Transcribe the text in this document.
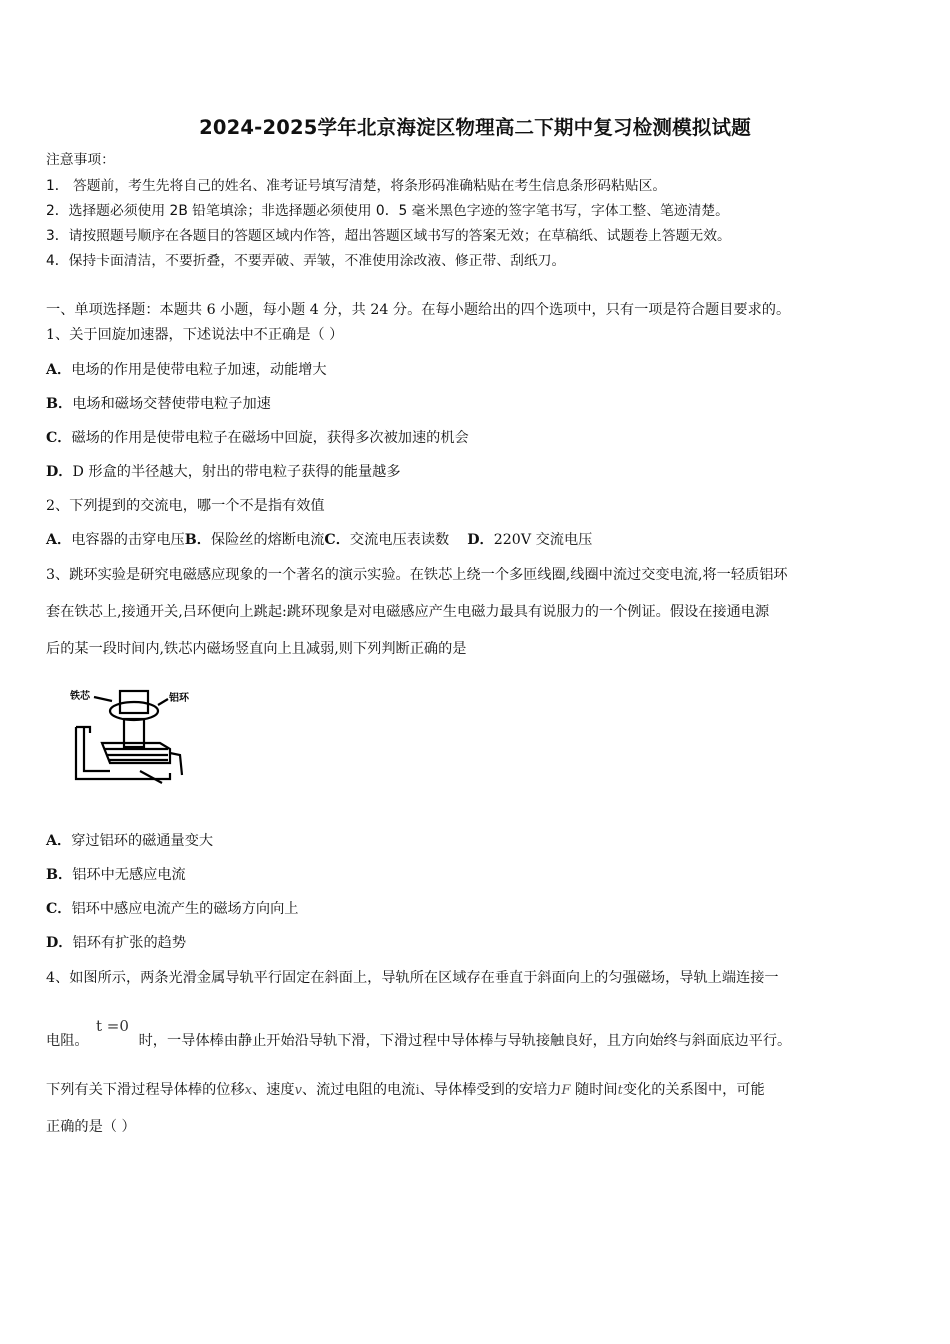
2024-2025学年北京海淀区物理高二下期中复习检测模拟试题
注意事项：
1． 答题前，考生先将自己的姓名、准考证号填写清楚，将条形码准确粘贴在考生信息条形码粘贴区。
2．选择题必须使用 2B 铅笔填涂；非选择题必须使用 0．5 毫米黑色字迹的签字笔书写，字体工整、笔迹清楚。
3．请按照题号顺序在各题目的答题区域内作答，超出答题区域书写的答案无效；在草稿纸、试题卷上答题无效。
4．保持卡面清洁，不要折叠，不要弄破、弄皱，不准使用涂改液、修正带、刮纸刀。
一、单项选择题：本题共 6 小题，每小题 4 分，共 24 分。在每小题给出的四个选项中，只有一项是符合题目要求的。
1、关于回旋加速器，下述说法中不正确是（ ）
A．电场的作用是使带电粒子加速，动能增大
B．电场和磁场交替使带电粒子加速
C．磁场的作用是使带电粒子在磁场中回旋，获得多次被加速的机会
D．D 形盒的半径越大，射出的带电粒子获得的能量越多
2、下列提到的交流电，哪一个不是指有效值
A．电容器的击穿电压B．保险丝的熔断电流C．交流电压表读数 D．220V 交流电压
3、跳环实验是研究电磁感应现象的一个著名的演示实验。在铁芯上绕一个多匝线圈,线圈中流过交变电流,将一轻质铝环
套在铁芯上,接通开关,吕环便向上跳起:跳环现象是对电磁感应产生电磁力最具有说服力的一个例证。假设在接通电源
后的某一段时间内,铁芯内磁场竖直向上且减弱,则下列判断正确的是
铁芯	铝环
A．穿过铝环的磁通量变大
B．铝环中无感应电流
C．铝环中感应电流产生的磁场方向向上
D．铝环有扩张的趋势
4、如图所示，两条光滑金属导轨平行固定在斜面上，导轨所在区域存在垂直于斜面向上的匀强磁场，导轨上端连接一
电阻。	时，一导体棒由静止开始沿导轨下滑，下滑过程中导体棒与导轨接触良好，且方向始终与斜面底边平行。
t =0
下列有关下滑过程导体棒的位移x、速度v、流过电阻的电流i、导体棒受到的安培力F 随时间t变化的关系图中，可能
正确的是（ ）
